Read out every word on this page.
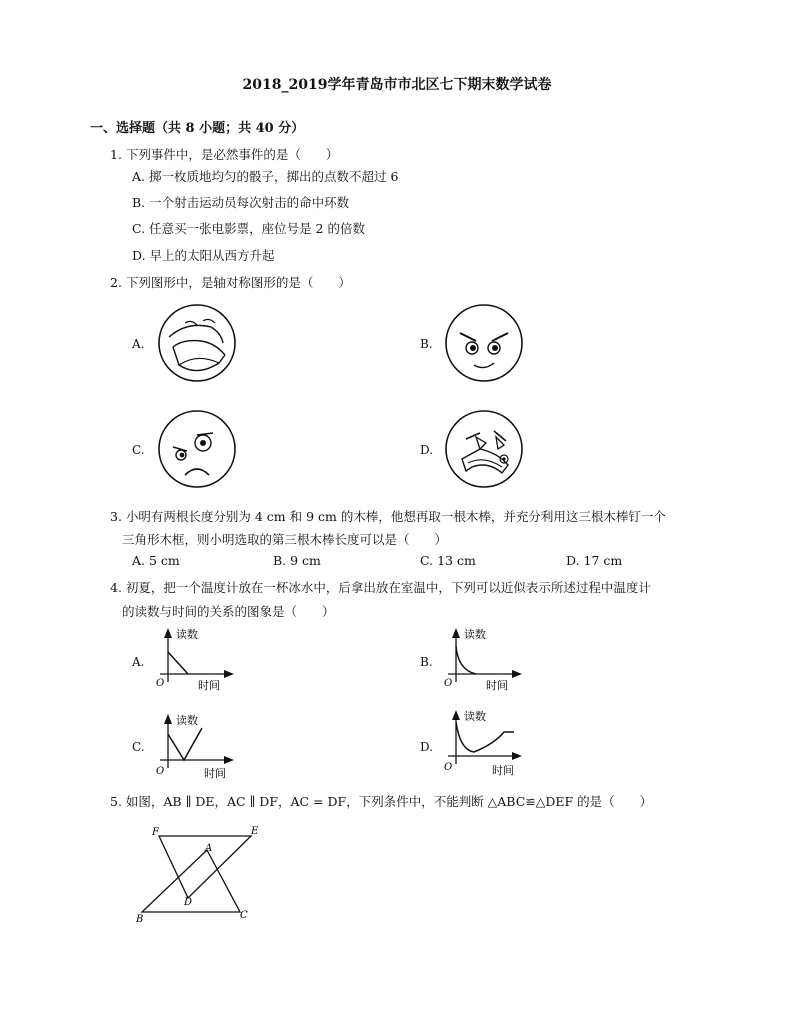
2018_2019学年青岛市市北区七下期末数学试卷
一、选择题（共 8 小题；共 40 分）
1. 下列事件中，是必然事件的是（　　）
A. 掷一枚质地均匀的骰子，掷出的点数不超过 6
B. 一个射击运动员每次射击的命中环数
C. 任意买一张电影票，座位号是 2 的倍数
D. 早上的太阳从西方升起
2. 下列图形中，是轴对称图形的是（　　）
A.	B.
C.	D.
3. 小明有两根长度分别为 4 cm 和 9 cm 的木棒，他想再取一根木棒，并充分利用这三根木棒钉一个
三角形木框，则小明选取的第三根木棒长度可以是（　　）
A. 5 cm	B. 9 cm	C. 13 cm	D. 17 cm
4. 初夏，把一个温度计放在一杯冰水中，后拿出放在室温中，下列可以近似表示所述过程中温度计
的读数与时间的关系的图象是（　　）
A.	B.
C.	D.
读数
时间
O
读数
时间
O
读数
时间
O
读数
时间
O
5. 如图，AB ∥ DE，AC ∥ DF，AC = DF，下列条件中，不能判断 △ABC≌△DEF 的是（　　）
F	E
A
D
B	C
